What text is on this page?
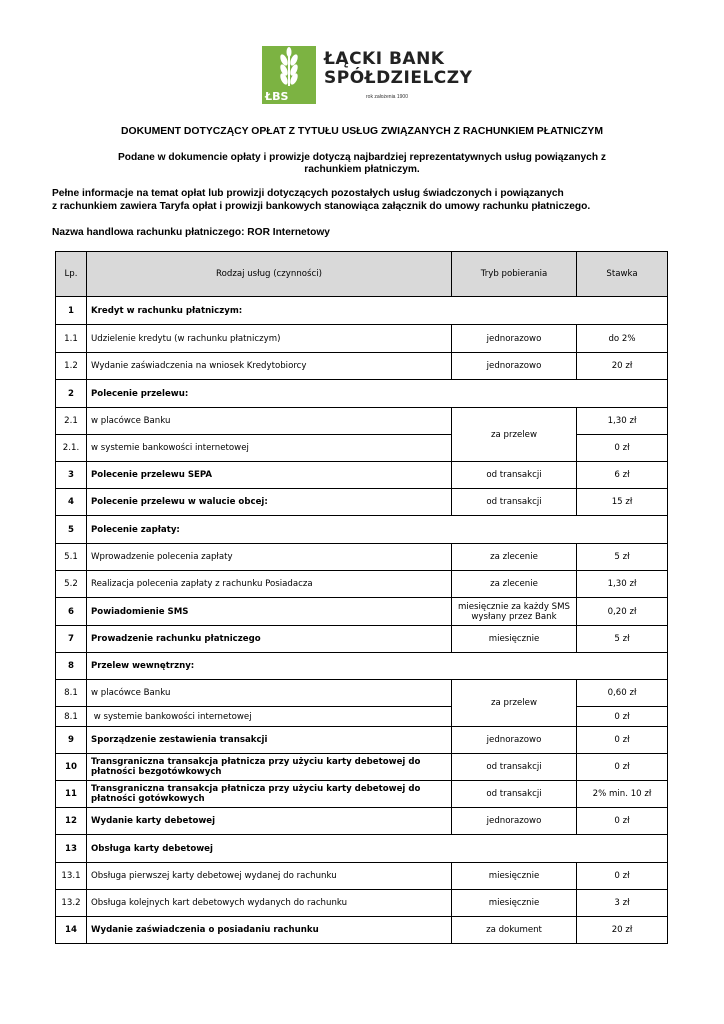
ŁBS
ŁĄCKI BANK
SPÓŁDZIELCZY
rok założenia 1900
DOKUMENT DOTYCZĄCY OPŁAT Z TYTUŁU USŁUG ZWIĄZANYCH Z RACHUNKIEM PŁATNICZYM
Podane w dokumencie opłaty i prowizje dotyczą najbardziej reprezentatywnych usług powiązanych z rachunkiem płatniczym.
Pełne informacje na temat opłat lub prowizji dotyczących pozostałych usług świadczonych i powiązanych
z rachunkiem zawiera Taryfa opłat i prowizji bankowych stanowiąca załącznik do umowy rachunku płatniczego.
Nazwa handlowa rachunku płatniczego: ROR Internetowy
Lp.	Rodzaj usług (czynności)	Tryb pobierania	Stawka
1	Kredyt w rachunku płatniczym:		
1.1	Udzielenie kredytu (w rachunku płatniczym)	jednorazowo	do 2%
1.2	Wydanie zaświadczenia na wniosek Kredytobiorcy	jednorazowo	20 zł
2	Polecenie przelewu:		
2.1	w placówce Banku	za przelew	1,30 zł
2.1.	w systemie bankowości internetowej		0 zł
3	Polecenie przelewu SEPA	od transakcji	6 zł
4	Polecenie przelewu w walucie obcej:	od transakcji	15 zł
5	Polecenie zapłaty:		
5.1	Wprowadzenie polecenia zapłaty	za zlecenie	5 zł
5.2	Realizacja polecenia zapłaty z rachunku Posiadacza	za zlecenie	1,30 zł
6	Powiadomienie SMS	miesięcznie za każdy SMS wysłany przez Bank	0,20 zł
7	Prowadzenie rachunku płatniczego	miesięcznie	5 zł
8	Przelew wewnętrzny:		
8.1	w placówce Banku	za przelew	0,60 zł
8.1	w systemie bankowości internetowej		0 zł
9	Sporządzenie zestawienia transakcji	jednorazowo	0 zł
10	Transgraniczna transakcja płatnicza przy użyciu karty debetowej do płatności bezgotówkowych	od transakcji	0 zł
11	Transgraniczna transakcja płatnicza przy użyciu karty debetowej do płatności gotówkowych	od transakcji	2% min. 10 zł
12	Wydanie karty debetowej	jednorazowo	0 zł
13	Obsługa karty debetowej		
13.1	Obsługa pierwszej karty debetowej wydanej do rachunku	miesięcznie	0 zł
13.2	Obsługa kolejnych kart debetowych wydanych do rachunku	miesięcznie	3 zł
14	Wydanie zaświadczenia o posiadaniu rachunku	za dokument	20 zł
